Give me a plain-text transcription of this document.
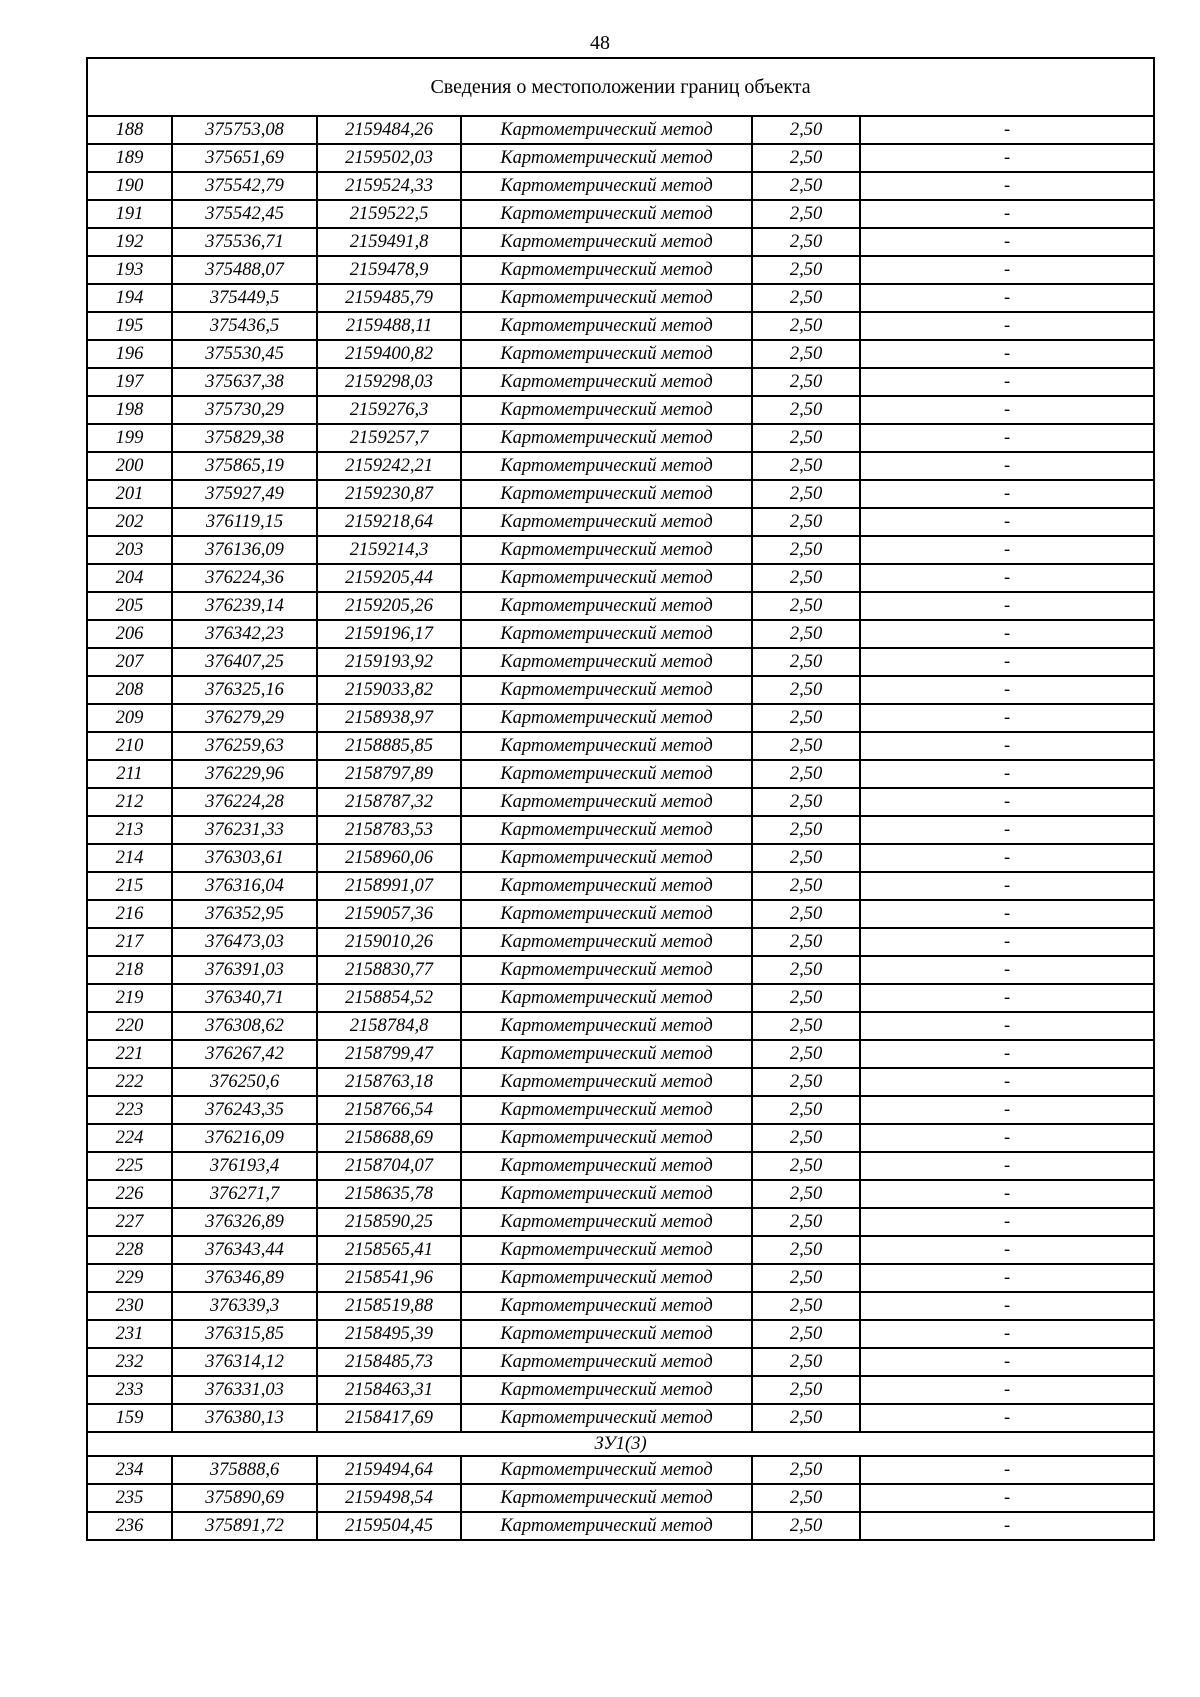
48
Сведения о местоположении границ объекта					
188	375753,08	2159484,26	Картометрический метод	2,50	-
189	375651,69	2159502,03	Картометрический метод	2,50	-
190	375542,79	2159524,33	Картометрический метод	2,50	-
191	375542,45	2159522,5	Картометрический метод	2,50	-
192	375536,71	2159491,8	Картометрический метод	2,50	-
193	375488,07	2159478,9	Картометрический метод	2,50	-
194	375449,5	2159485,79	Картометрический метод	2,50	-
195	375436,5	2159488,11	Картометрический метод	2,50	-
196	375530,45	2159400,82	Картометрический метод	2,50	-
197	375637,38	2159298,03	Картометрический метод	2,50	-
198	375730,29	2159276,3	Картометрический метод	2,50	-
199	375829,38	2159257,7	Картометрический метод	2,50	-
200	375865,19	2159242,21	Картометрический метод	2,50	-
201	375927,49	2159230,87	Картометрический метод	2,50	-
202	376119,15	2159218,64	Картометрический метод	2,50	-
203	376136,09	2159214,3	Картометрический метод	2,50	-
204	376224,36	2159205,44	Картометрический метод	2,50	-
205	376239,14	2159205,26	Картометрический метод	2,50	-
206	376342,23	2159196,17	Картометрический метод	2,50	-
207	376407,25	2159193,92	Картометрический метод	2,50	-
208	376325,16	2159033,82	Картометрический метод	2,50	-
209	376279,29	2158938,97	Картометрический метод	2,50	-
210	376259,63	2158885,85	Картометрический метод	2,50	-
211	376229,96	2158797,89	Картометрический метод	2,50	-
212	376224,28	2158787,32	Картометрический метод	2,50	-
213	376231,33	2158783,53	Картометрический метод	2,50	-
214	376303,61	2158960,06	Картометрический метод	2,50	-
215	376316,04	2158991,07	Картометрический метод	2,50	-
216	376352,95	2159057,36	Картометрический метод	2,50	-
217	376473,03	2159010,26	Картометрический метод	2,50	-
218	376391,03	2158830,77	Картометрический метод	2,50	-
219	376340,71	2158854,52	Картометрический метод	2,50	-
220	376308,62	2158784,8	Картометрический метод	2,50	-
221	376267,42	2158799,47	Картометрический метод	2,50	-
222	376250,6	2158763,18	Картометрический метод	2,50	-
223	376243,35	2158766,54	Картометрический метод	2,50	-
224	376216,09	2158688,69	Картометрический метод	2,50	-
225	376193,4	2158704,07	Картометрический метод	2,50	-
226	376271,7	2158635,78	Картометрический метод	2,50	-
227	376326,89	2158590,25	Картометрический метод	2,50	-
228	376343,44	2158565,41	Картометрический метод	2,50	-
229	376346,89	2158541,96	Картометрический метод	2,50	-
230	376339,3	2158519,88	Картометрический метод	2,50	-
231	376315,85	2158495,39	Картометрический метод	2,50	-
232	376314,12	2158485,73	Картометрический метод	2,50	-
233	376331,03	2158463,31	Картометрический метод	2,50	-
159	376380,13	2158417,69	Картометрический метод	2,50	-
ЗУ1(3)					
234	375888,6	2159494,64	Картометрический метод	2,50	-
235	375890,69	2159498,54	Картометрический метод	2,50	-
236	375891,72	2159504,45	Картометрический метод	2,50	-
